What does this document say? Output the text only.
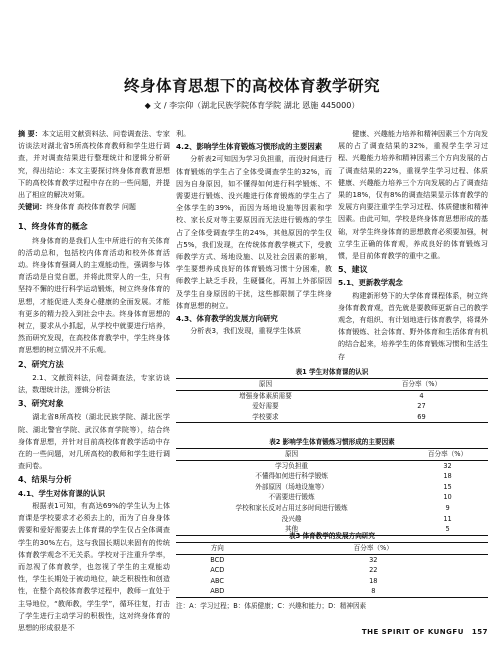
终身体育思想下的高校体育教学研究
◆ 文 / 李宗仰（湖北民族学院体育学院 湖北 恩施 445000）

摘 要：本文运用文献资料法、问卷调查法、专家访谈法对湖北省5所高校体育教师和学生进行调查，并对调查结果进行整理统计和逻辑分析研究，得出结论：本文主要探讨终身体育教育思想下的高校体育教学过程中存在的一些问题，并提出了相应的解决对策。

关键词：终身体育 高校体育教学 问题

1、终身体育的概念

终身体育的是我们人生中所进行的有关体育的活动总和，包括校内体育活动和校外体育活动。终身体育强调人的主观能动性，强调参与体育活动是自觉自愿，并将此贯穿人的一生，只有坚持不懈的进行科学运动锻炼，树立终身体育的思想，才能促进人类身心健康的全面发展。才能有更多的精力投入到社会中去。终身体育思想的树立，要求从小抓起，从学校中就要进行培养，然而研究发现，在高校体育教学中，学生终身体育思想的树立情况并不乐观。

2、研究方法

2.1、文献资料法，问卷调查法，专家访谈法，数理统计法，逻辑分析法

3、研究对象

湖北省8所高校（湖北民族学院、湖北医学院、湖北警官学院、武汉体育学院等），结合终身体育思想，并针对目前高校体育教学活动中存在的一些问题，对几所高校的教师和学生进行调查问卷。

4、结果与分析
4.1、学生对体育课的认识

根据表1可知，有高达69%的学生认为上体育课是学校要求才必须去上的，而为了自身身体需要和爱好需要去上体育课的学生仅占全体调查学生的30%左右，这与我国长期以来固有的传统体育教学观念不无关系。学校对于注重升学率，而忽视了体育教学，也忽视了学生的主观能动性，学生长期处于被动地位，缺乏积极性和创造性，在整个高校体育教学过程中，教师一直处于主导地位，“教师教，学生学”，循环往复，打击了学生进行主动学习的积极性，这对终身体育的思想的形成很是不

利。

4.2、影响学生体育锻炼习惯形成的主要因素

分析表2可知因为学习负担重，而没时间进行体育锻炼的学生占了全体受调查学生的32%，而因为自身原因，如不懂得如何进行科学锻炼、不需要进行锻炼、没兴趣进行体育锻炼的学生占了全体学生的39%，而因为场地设施等因素和学校、家长反对等主要原因而无法进行锻炼的学生占了全体受调查学生的24%，其他原因的学生仅占5%，我们发现，在传统体育教学模式下，受教师教学方式、场地设施、以及社会因素的影响，学生要想养成良好的体育锻炼习惯十分困难，教师教学上缺乏手段，生硬僵化，再加上外部原因及学生自身原因的干扰，这些都限制了学生终身体育思想的树立。

4.3、体育教学的发展方向研究

分析表3，我们发现，重视学生体质

健康、兴趣能力培养和精神因素三个方向发展的占了调查结果的32%，重视学生学习过程、兴趣能力培养和精神因素三个方向发展的占了调查结果的22%，重视学生学习过程、体质健康、兴趣能力培养三个方向发展的占了调查结果的18%，仅有8%的调查结果显示体育教学的发展方向要注重学生学习过程、体质健康和精神因素。由此可知，学校是终身体育思想形成的基础，对学生终身体育的思想教育必须要加强，树立学生正确的体育观，养成良好的体育锻炼习惯，是目前体育教学的重中之重。

5、建议
5.1、更新教学观念

构建新形势下的大学体育课程体系，树立终身体育教育观，首先就是要教师更新自己的教学观念，有组织、有计划地进行体育教学，将课外体育锻炼、社会体育、野外体育和生活体育有机的结合起来，培养学生的体育锻炼习惯和生活生存

表1 学生对体育课的认识
原因	百分率（%）
增强身体素质需要	4
爱好需要	27
学校要求	69
表2 影响学生体育锻炼习惯形成的主要因素
原因	百分率（%）
学习负担重	32
不懂得如何进行科学锻炼	18
外部原因（场地设施等）	15
不需要进行锻炼	10
学校和家长反对占用过多时间进行锻炼	9
没兴趣	11
其他	5
表3 体育教学的发展方向研究
方向	百分率（%）
BCD	32
ACD	22
ABC	18
ABD	8
注：A：学习过程；B：体质健康；C：兴趣和能力；D：精神因素
THE SPIRIT OF KUNGFU 157
